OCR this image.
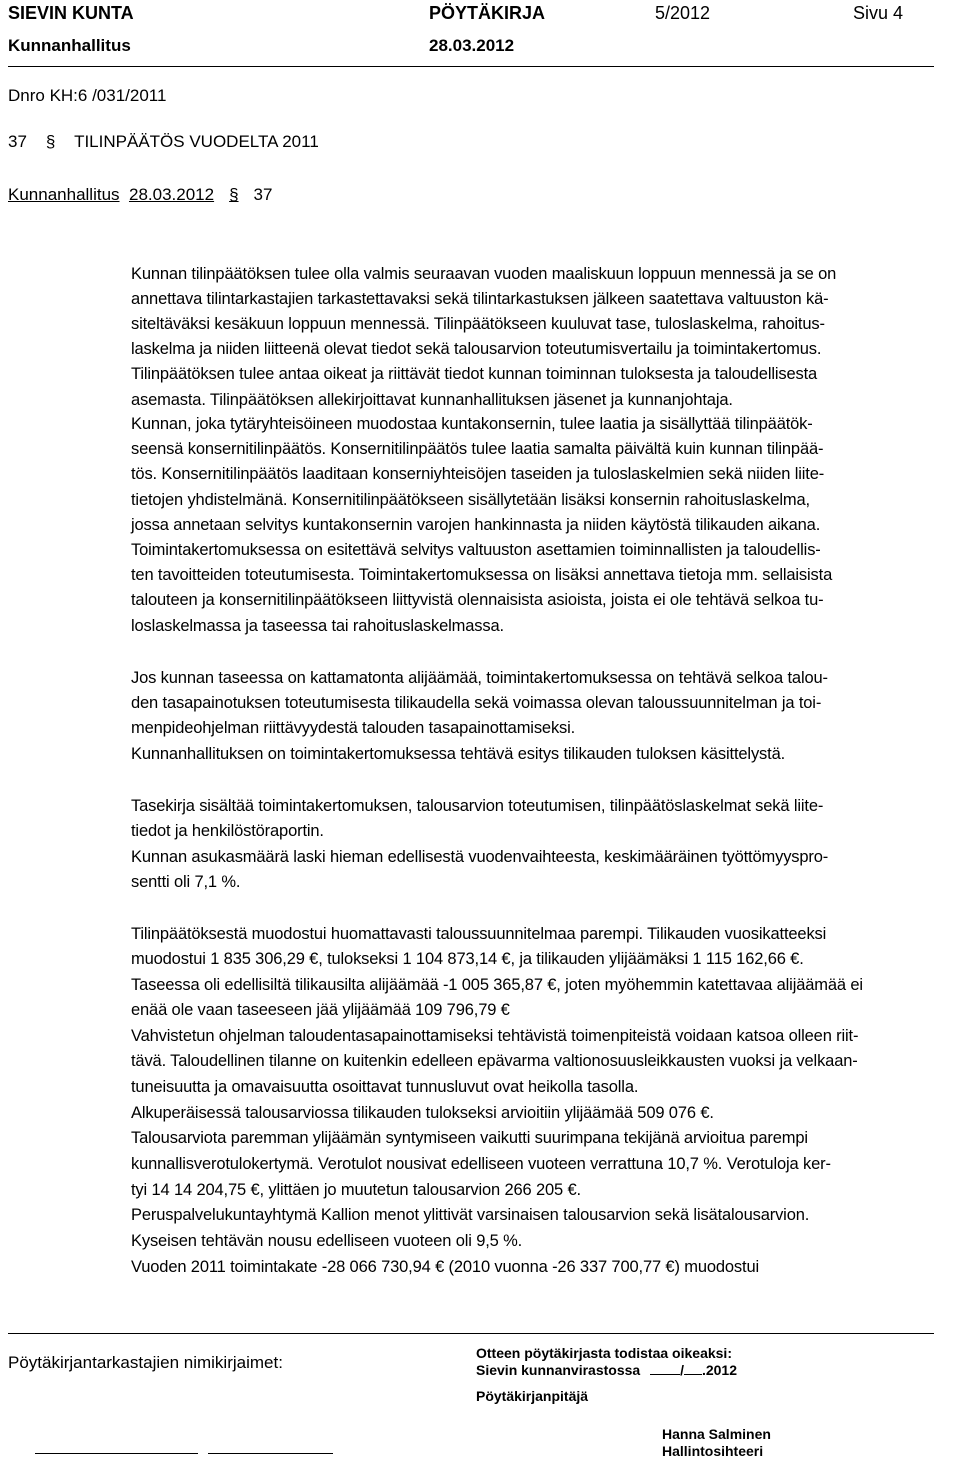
SIEVIN KUNTA	PÖYTÄKIRJA	5/2012	Sivu 4
Kunnanhallitus	28.03.2012
Dnro KH:6 /031/2011
37 § TILINPÄÄTÖS VUODELTA 2011
Kunnanhallitus 28.03.2012 § 37
Kunnan tilinpäätöksen tulee olla valmis seuraavan vuoden maaliskuun loppuun mennessä ja se on
annettava tilintarkastajien tarkastettavaksi sekä tilintarkastuksen jälkeen saatettava valtuuston kä-
siteltäväksi kesäkuun loppuun mennessä. Tilinpäätökseen kuuluvat tase, tuloslaskelma, rahoitus-
laskelma ja niiden liitteenä olevat tiedot sekä talousarvion toteutumisvertailu ja toimintakertomus.
Tilinpäätöksen tulee antaa oikeat ja riittävät tiedot kunnan toiminnan tuloksesta ja taloudellisesta
asemasta. Tilinpäätöksen allekirjoittavat kunnanhallituksen jäsenet ja kunnanjohtaja.
Kunnan, joka tytäryhteisöineen muodostaa kuntakonsernin, tulee laatia ja sisällyttää tilinpäätök-
seensä konsernitilinpäätös. Konsernitilinpäätös tulee laatia samalta päivältä kuin kunnan tilinpää-
tös. Konsernitilinpäätös laaditaan konserniyhteisöjen taseiden ja tuloslaskelmien sekä niiden liite-
tietojen yhdistelmänä. Konsernitilinpäätökseen sisällytetään lisäksi konsernin rahoituslaskelma,
jossa annetaan selvitys kuntakonsernin varojen hankinnasta ja niiden käytöstä tilikauden aikana.
Toimintakertomuksessa on esitettävä selvitys valtuuston asettamien toiminnallisten ja taloudellis-
ten tavoitteiden toteutumisesta. Toimintakertomuksessa on lisäksi annettava tietoja mm. sellaisista
talouteen ja konsernitilinpäätökseen liittyvistä olennaisista asioista, joista ei ole tehtävä selkoa tu-
loslaskelmassa ja taseessa tai rahoituslaskelmassa.
Jos kunnan taseessa on kattamatonta alijäämää, toimintakertomuksessa on tehtävä selkoa talou-
den tasapainotuksen toteutumisesta tilikaudella sekä voimassa olevan taloussuunnitelman ja toi-
menpideohjelman riittävyydestä talouden tasapainottamiseksi.
Kunnanhallituksen on toimintakertomuksessa tehtävä esitys tilikauden tuloksen käsittelystä.
Tasekirja sisältää toimintakertomuksen, talousarvion toteutumisen, tilinpäätöslaskelmat sekä liite-
tiedot ja henkilöstöraportin.
Kunnan asukasmäärä laski hieman edellisestä vuodenvaihteesta, keskimääräinen työttömyyspro-
sentti oli 7,1 %.
Tilinpäätöksestä muodostui huomattavasti taloussuunnitelmaa parempi. Tilikauden vuosikatteeksi
muodostui 1 835 306,29 €, tulokseksi 1 104 873,14 €, ja tilikauden ylijäämäksi 1 115 162,66 €.
Taseessa oli edellisiltä tilikausilta alijäämää -1 005 365,87 €, joten myöhemmin katettavaa alijäämää ei
enää ole vaan taseeseen jää ylijäämää 109 796,79 €
Vahvistetun ohjelman taloudentasapainottamiseksi tehtävistä toimenpiteistä voidaan katsoa olleen riit-
tävä. Taloudellinen tilanne on kuitenkin edelleen epävarma valtionosuusleikkausten vuoksi ja velkaan-
tuneisuutta ja omavaisuutta osoittavat tunnusluvut ovat heikolla tasolla.
Alkuperäisessä talousarviossa tilikauden tulokseksi arvioitiin ylijäämää 509 076 €.
Talousarviota paremman ylijäämän syntymiseen vaikutti suurimpana tekijänä arvioitua parempi
kunnallisverotulokertymä. Verotulot nousivat edelliseen vuoteen verrattuna 10,7 %. Verotuloja ker-
tyi 14 14 204,75 €, ylittäen jo muutetun talousarvion 266 205 €.
Peruspalvelukuntayhtymä Kallion menot ylittivät varsinaisen talousarvion sekä lisätalousarvion.
Kyseisen tehtävän nousu edelliseen vuoteen oli 9,5 %.
Vuoden 2011 toimintakate -28 066 730,94 € (2010 vuonna -26 337 700,77 €) muodostui
Pöytäkirjantarkastajien nimikirjaimet:	Otteen pöytäkirjasta todistaa oikeaksi:
Sievin kunnanvirastossa	/ .2012
Pöytäkirjanpitäjä
Hanna Salminen
Hallintosihteeri
